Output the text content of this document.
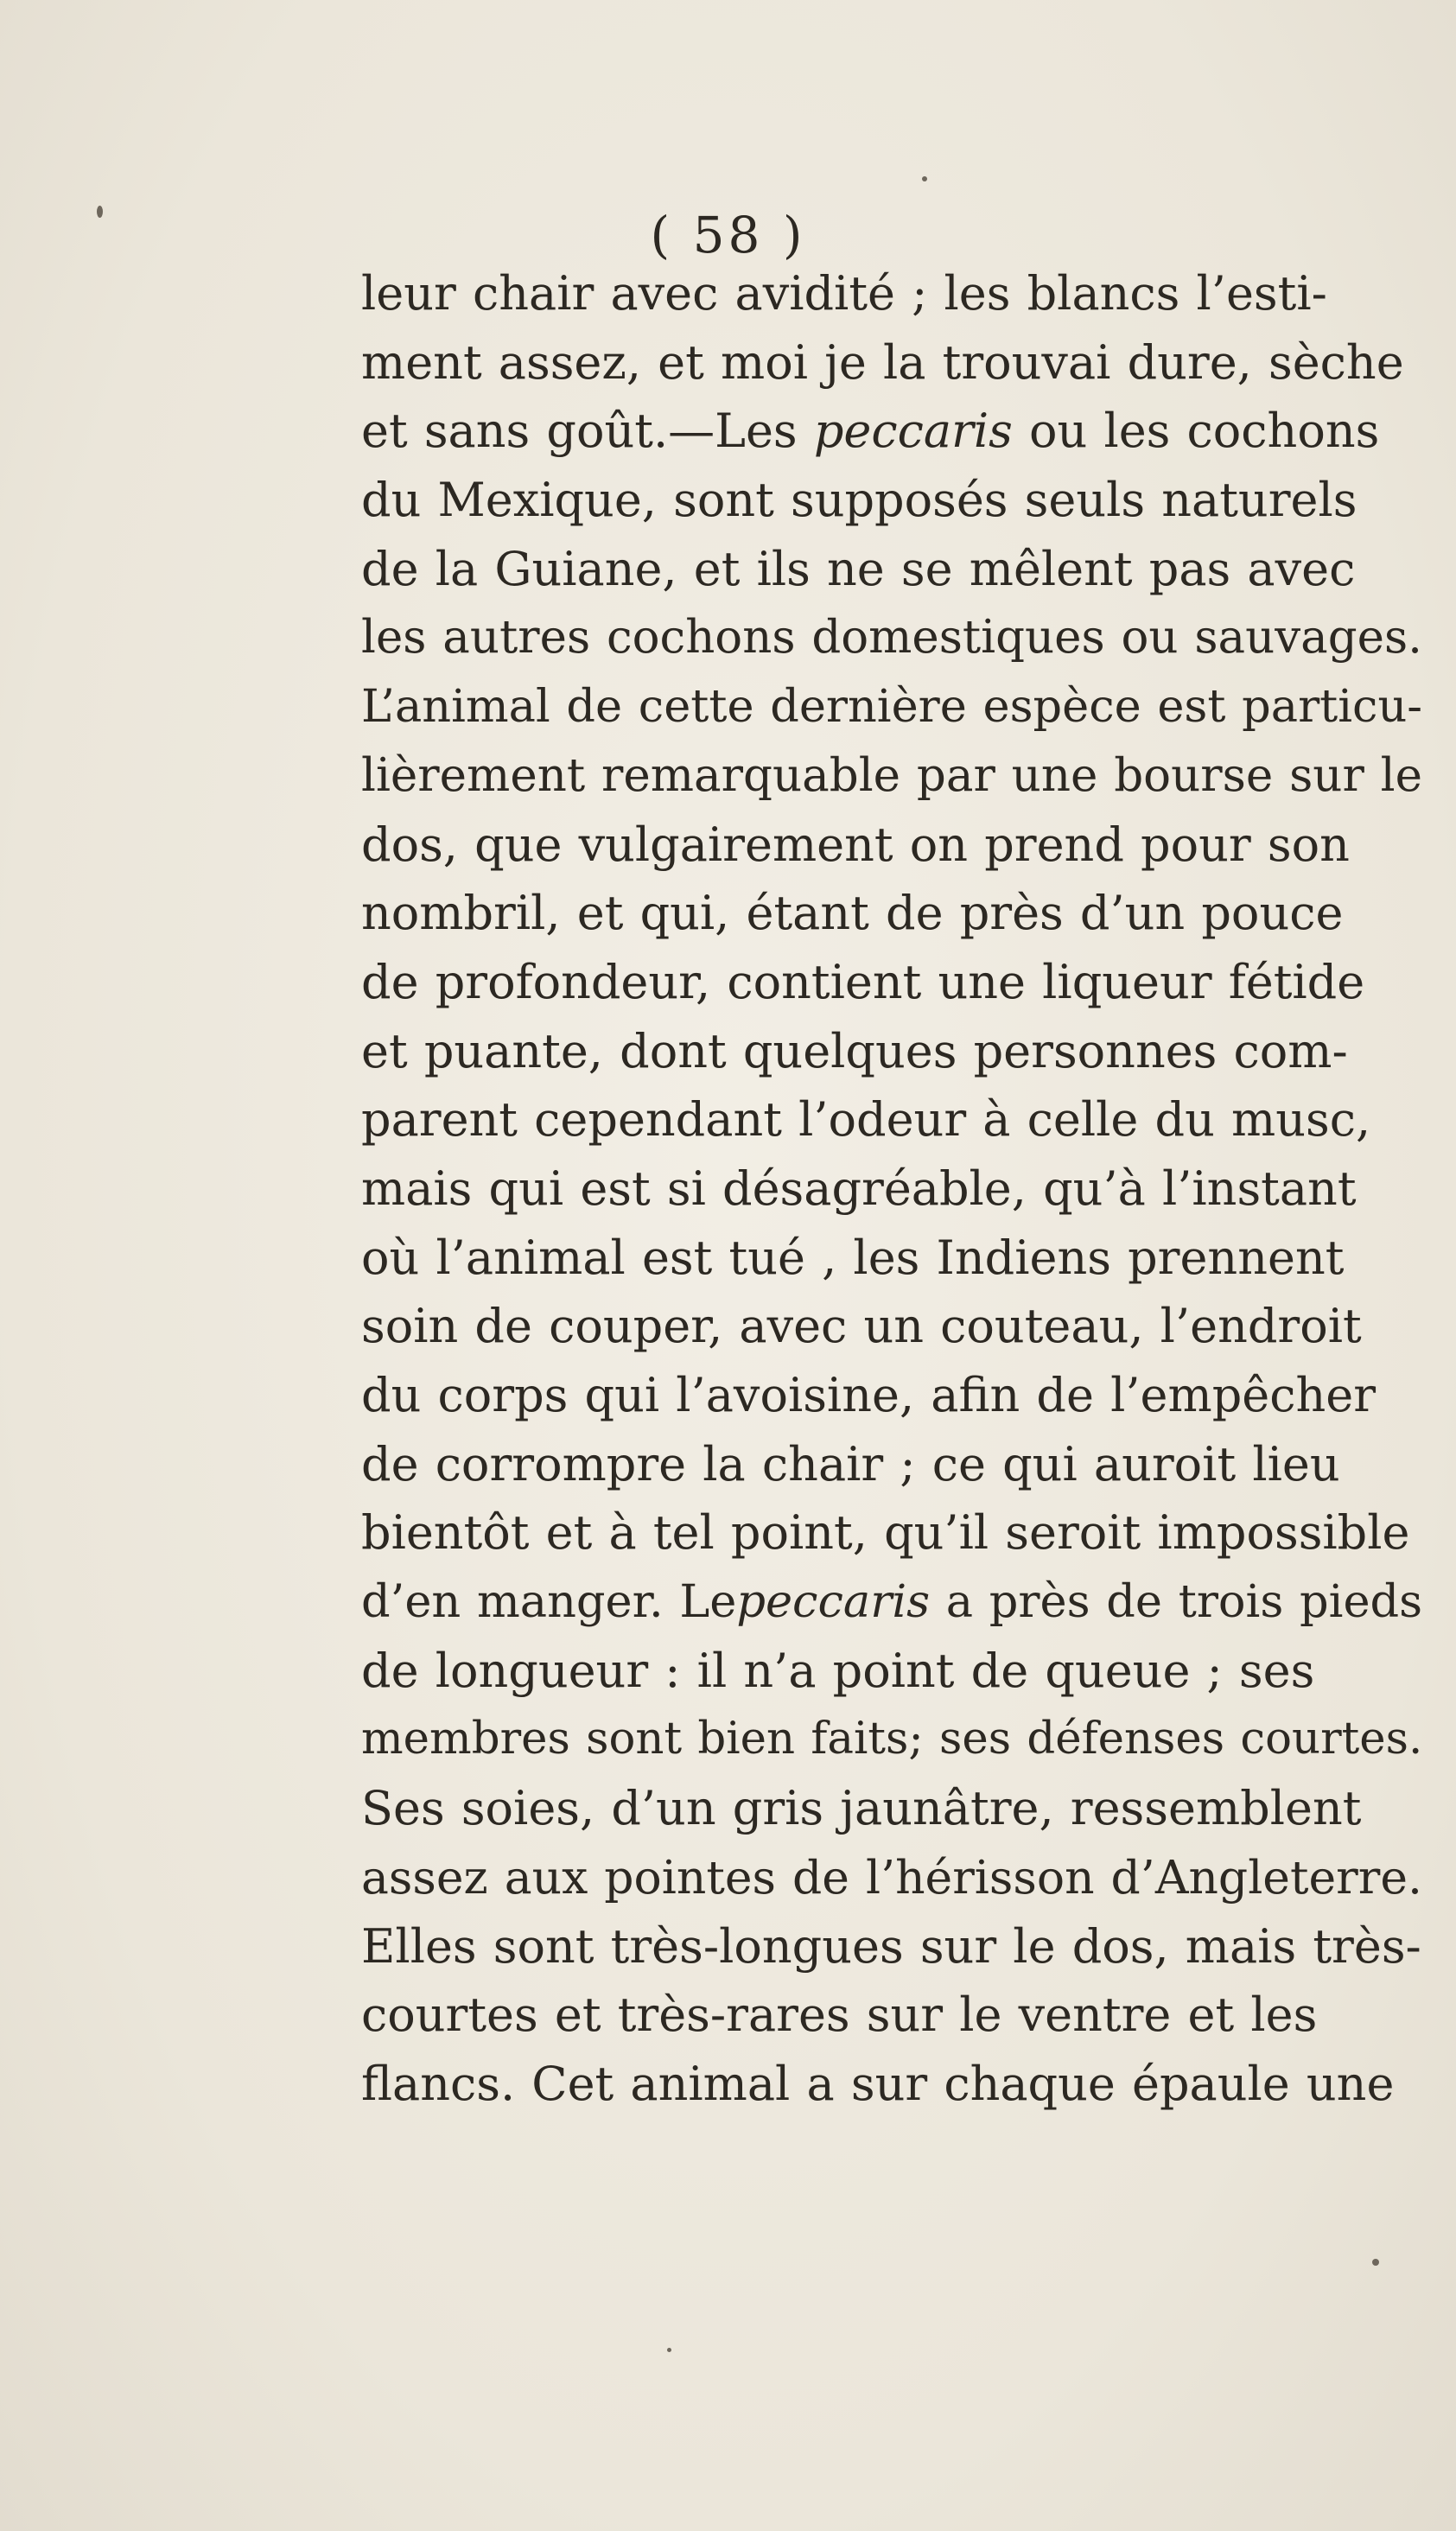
( 58 )
leur chair avec avidité ; les blancs l’esti-
ment assez, et moi je la trouvai dure, sèche
et sans goût.—Les peccaris ou les cochons
du Mexique, sont supposés seuls naturels
de la Guiane, et ils ne se mêlent pas avec
les autres cochons domestiques ou sauvages.
L’animal de cette dernière espèce est particu-
lièrement remarquable par une bourse sur le
dos, que vulgairement on prend pour son
nombril, et qui, étant de près d’un pouce
de profondeur, contient une liqueur fétide
et puante, dont quelques personnes com-
parent cependant l’odeur à celle du musc,
mais qui est si désagréable, qu’à l’instant
où l’animal est tué , les Indiens prennent
soin de couper, avec un couteau, l’endroit
du corps qui l’avoisine, afin de l’empêcher
de corrompre la chair ; ce qui auroit lieu
bientôt et à tel point, qu’il seroit impossible
d’en manger. Lepeccaris a près de trois pieds
de longueur : il n’a point de queue ; ses
membres sont bien faits; ses défenses courtes.
Ses soies, d’un gris jaunâtre, ressemblent
assez aux pointes de l’hérisson d’Angleterre.
Elles sont très-longues sur le dos, mais très-
courtes et très-rares sur le ventre et les
flancs. Cet animal a sur chaque épaule une
